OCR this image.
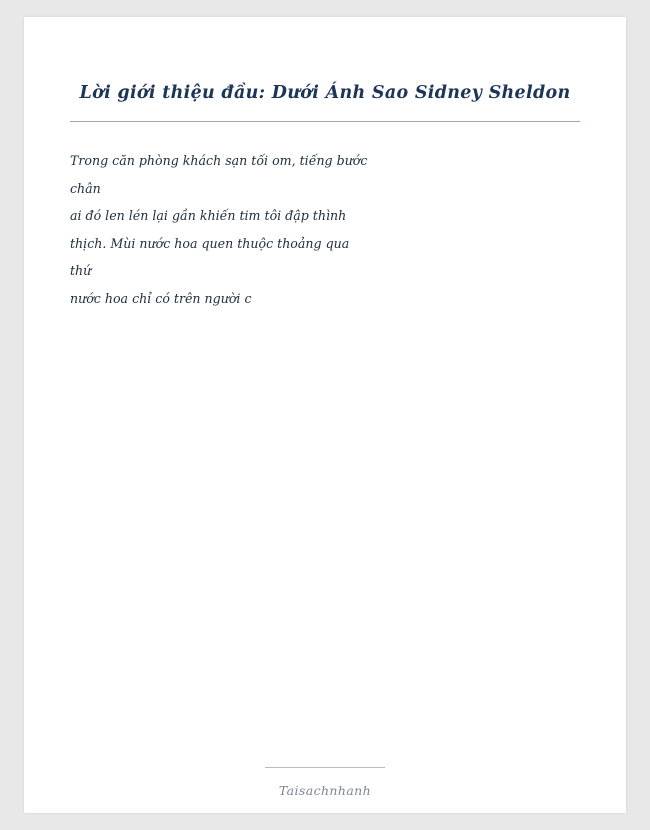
Lời giới thiệu đầu: Dưới Ánh Sao Sidney Sheldon
Trong căn phòng khách sạn tối om, tiếng bước
chân
ai đó len lén lại gần khiến tim tôi đập thình
thịch. Mùi nước hoa quen thuộc thoảng qua
thứ
nước hoa chỉ có trên người c
Taisachnhanh
